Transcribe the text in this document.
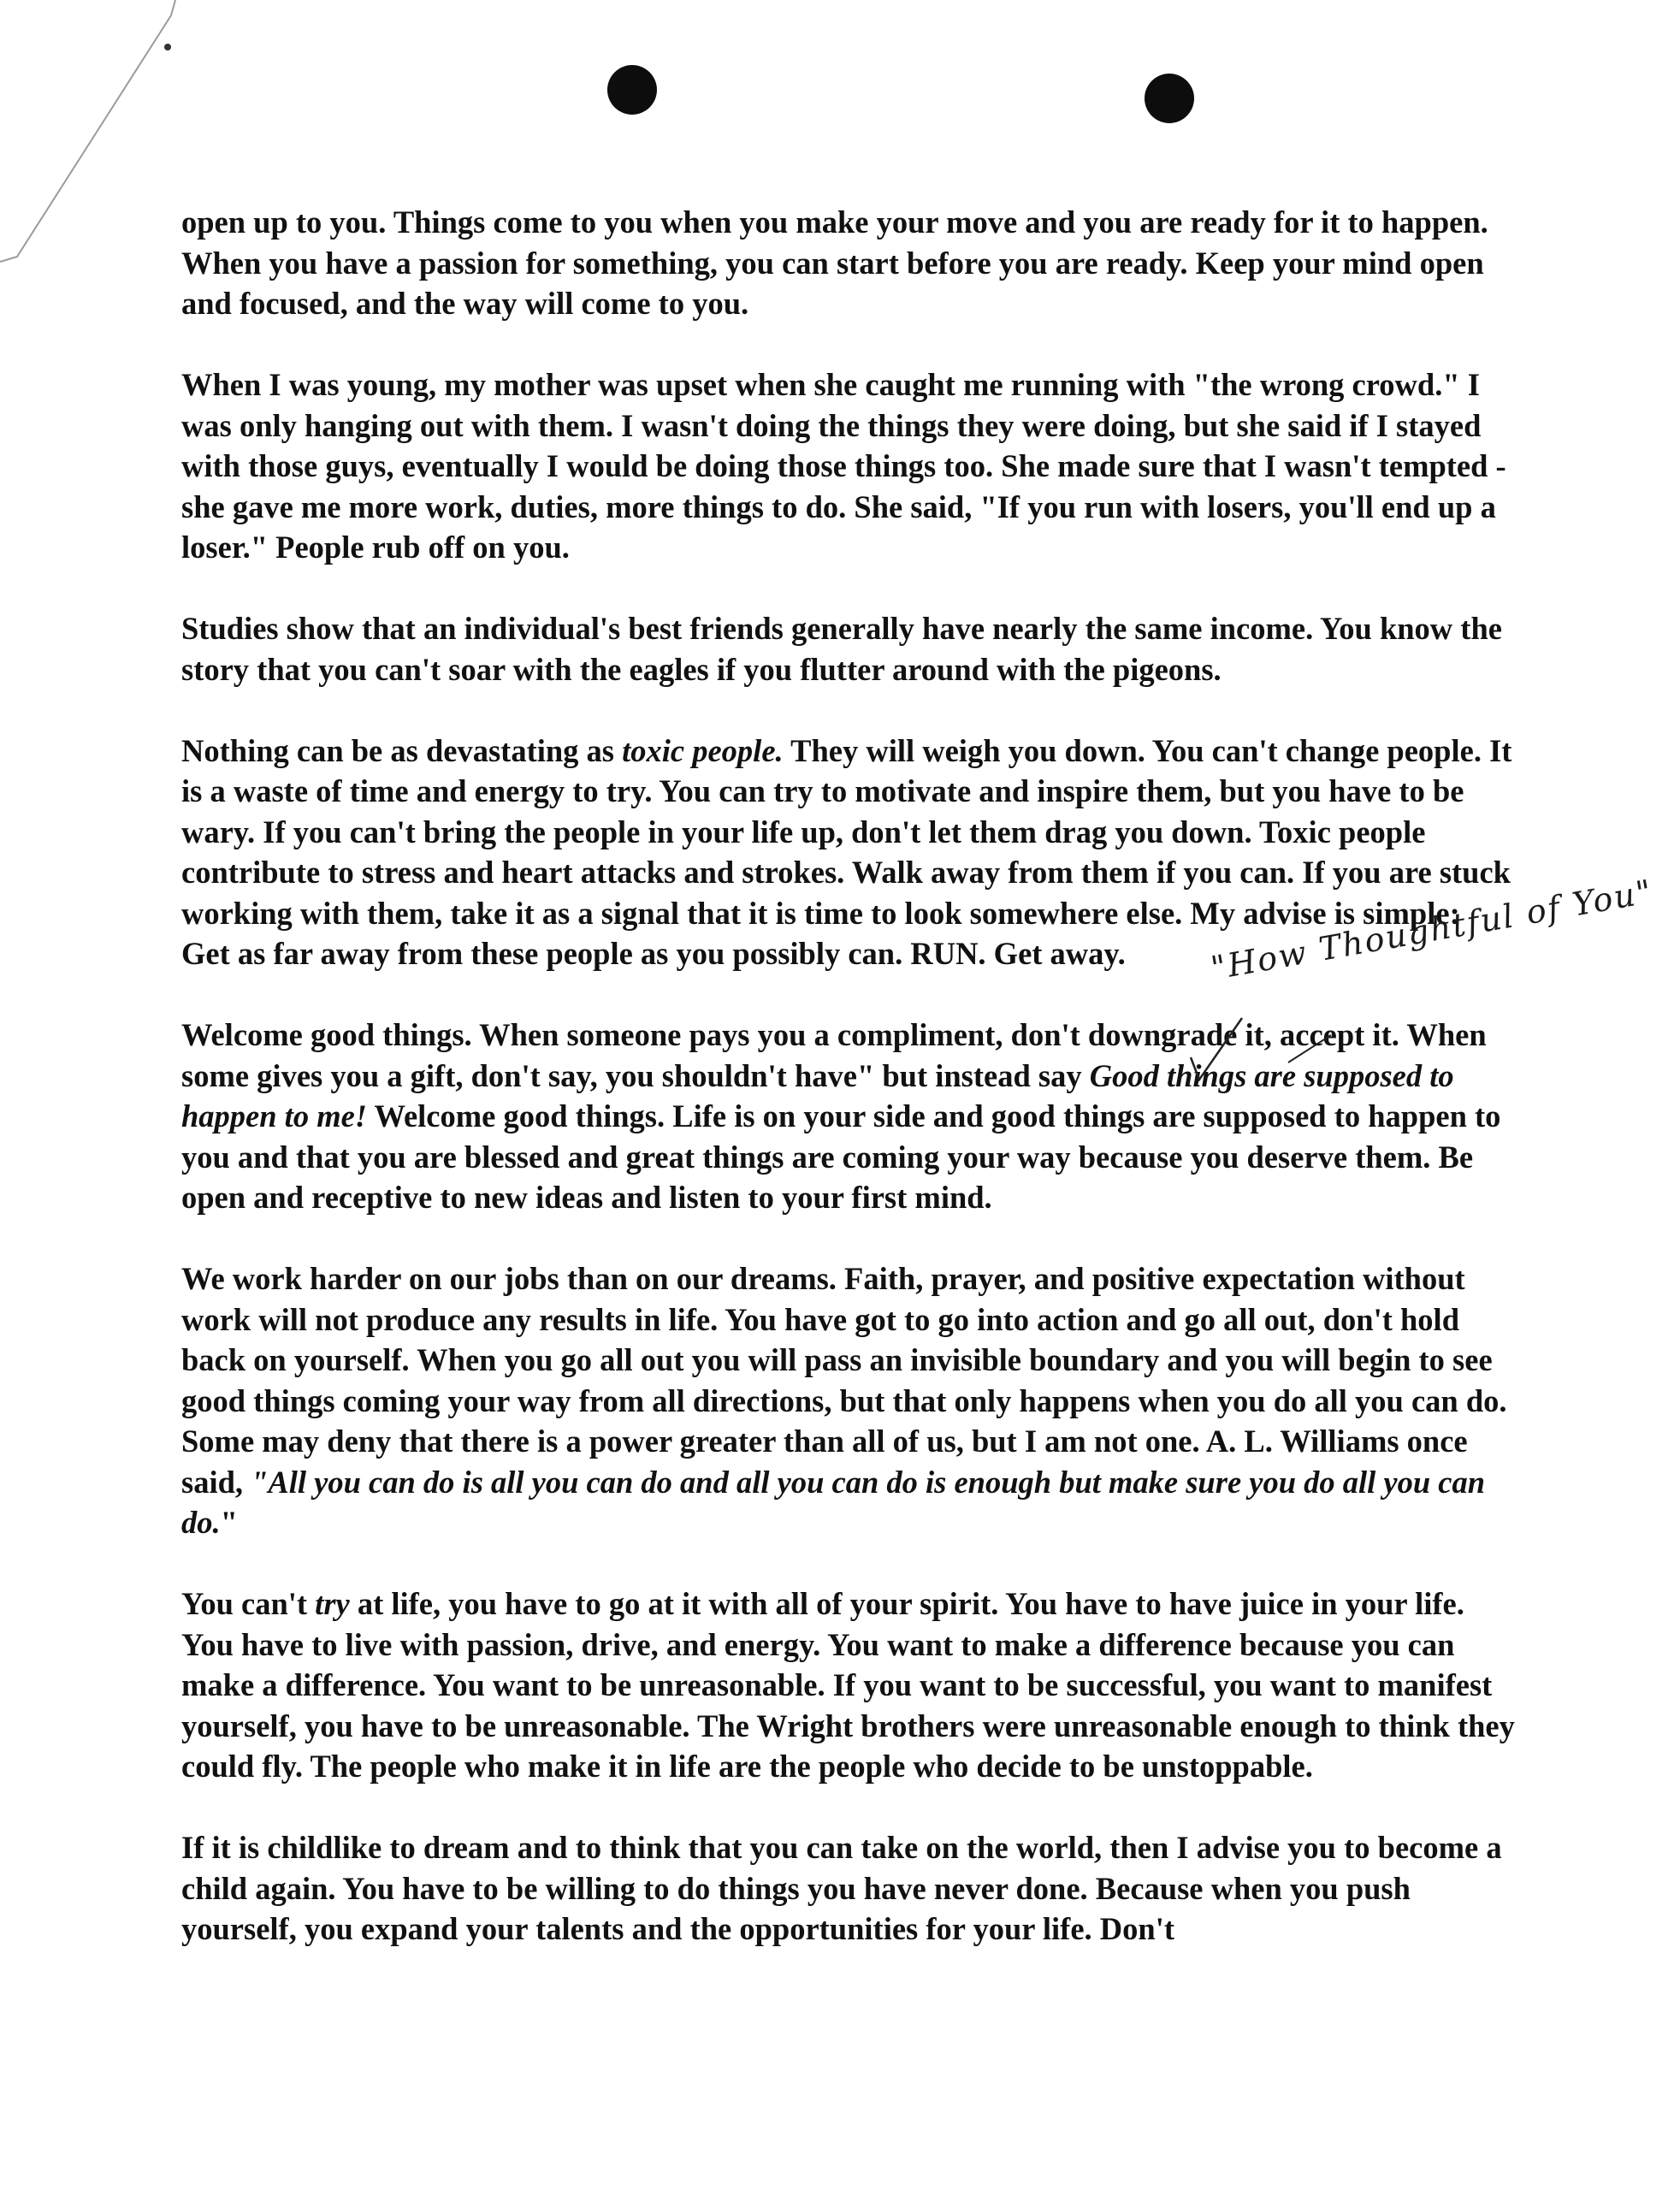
open up to you. Things come to you when you make your move and you are ready for it to happen. When you have a passion for something, you can start before you are ready. Keep your mind open and focused, and the way will come to you.

When I was young, my mother was upset when she caught me running with "the wrong crowd." I was only hanging out with them. I wasn't doing the things they were doing, but she said if I stayed with those guys, eventually I would be doing those things too. She made sure that I wasn't tempted - she gave me more work, duties, more things to do. She said, "If you run with losers, you'll end up a loser." People rub off on you.

Studies show that an individual's best friends generally have nearly the same income. You know the story that you can't soar with the eagles if you flutter around with the pigeons.

Nothing can be as devastating as toxic people. They will weigh you down. You can't change people. It is a waste of time and energy to try. You can try to motivate and inspire them, but you have to be wary. If you can't bring the people in your life up, don't let them drag you down. Toxic people contribute to stress and heart attacks and strokes. Walk away from them if you can. If you are stuck working with them, take it as a signal that it is time to look somewhere else. My advise is simple: Get as far away from these people as you possibly can. RUN. Get away.

Welcome good things. When someone pays you a compliment, don't downgrade it, accept it. When some gives you a gift, don't say, you shouldn't have" but instead say Good things are supposed to happen to me! Welcome good things. Life is on your side and good things are supposed to happen to you and that you are blessed and great things are coming your way because you deserve them. Be open and receptive to new ideas and listen to your first mind.

We work harder on our jobs than on our dreams. Faith, prayer, and positive expectation without work will not produce any results in life. You have got to go into action and go all out, don't hold back on yourself. When you go all out you will pass an invisible boundary and you will begin to see good things coming your way from all directions, but that only happens when you do all you can do. Some may deny that there is a power greater than all of us, but I am not one. A. L. Williams once said, "All you can do is all you can do and all you can do is enough but make sure you do all you can do."

You can't try at life, you have to go at it with all of your spirit. You have to have juice in your life. You have to live with passion, drive, and energy. You want to make a difference because you can make a difference. You want to be unreasonable. If you want to be successful, you want to manifest yourself, you have to be unreasonable. The Wright brothers were unreasonable enough to think they could fly. The people who make it in life are the people who decide to be unstoppable.

If it is childlike to dream and to think that you can take on the world, then I advise you to become a child again. You have to be willing to do things you have never done. Because when you push yourself, you expand your talents and the opportunities for your life. Don't

"How Thoughtful of You"
